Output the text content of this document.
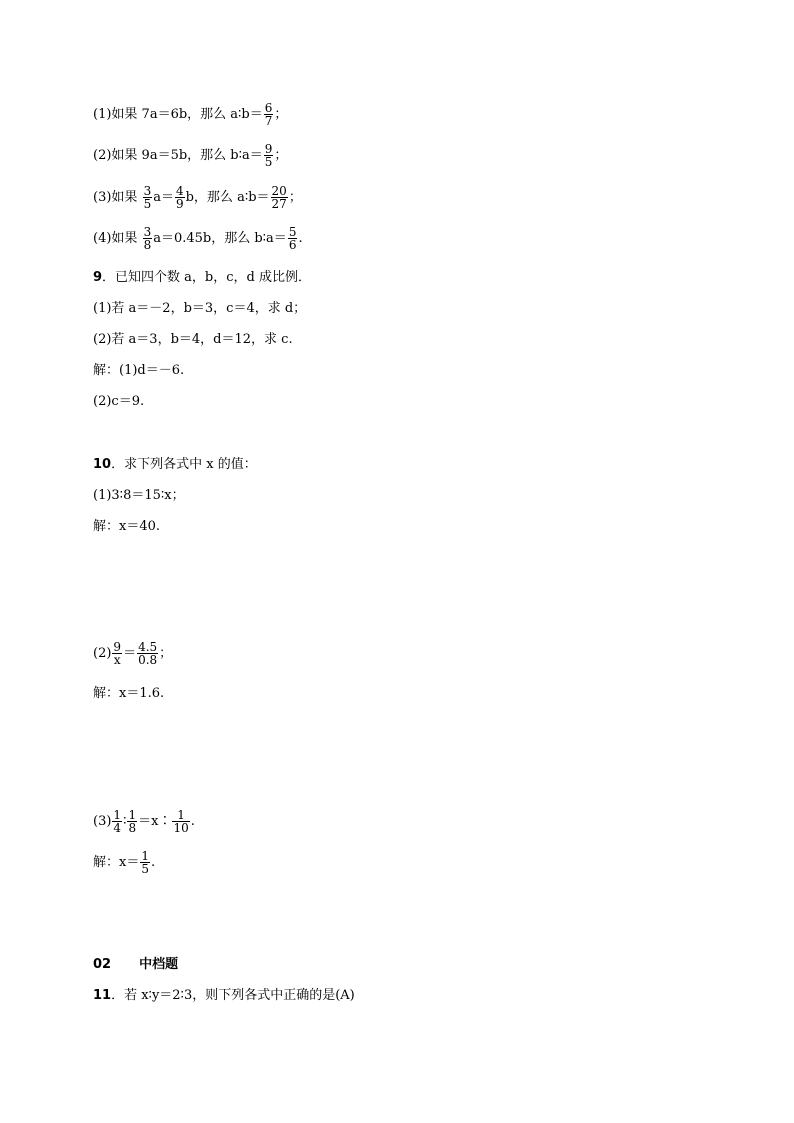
(1)如果 7a＝6b，那么 a∶b＝ $\frac{6}{7}$ ；
(2)如果 9a＝5b，那么 b∶a＝ $\frac{9}{5}$ ；
(3)如果 $\frac{3}{5} a= \frac{4}{9}$ b，那么 a∶b＝ $\frac{20}{27}$ ；
(4)如果 $\frac{3}{8} a=0.45b$，那么 b∶a＝ $\frac{5}{6}$ .
9．已知四个数 a，b，c，d 成比例．
(1)若 a＝－2，b＝3，c＝4，求 d；
(2)若 a＝3，b＝4，d＝12，求 c.
解：(1)d＝－6.
(2)c＝9.
10．求下列各式中 x 的值：
(1)3∶8＝15∶x；
解：x＝40.
$(2) \frac{9}{x} = \frac{4.5}{0.8}$ ；
解：x＝1.6.
$(3) \frac{1}{4}$ ∶ $\frac{1}{8}$ ＝x∶ $\frac{1}{10}$ .
解：$x= \frac{1}{5}$ .
02 中档题
11．若 x∶y＝2∶3，则下列各式中正确的是(A)
